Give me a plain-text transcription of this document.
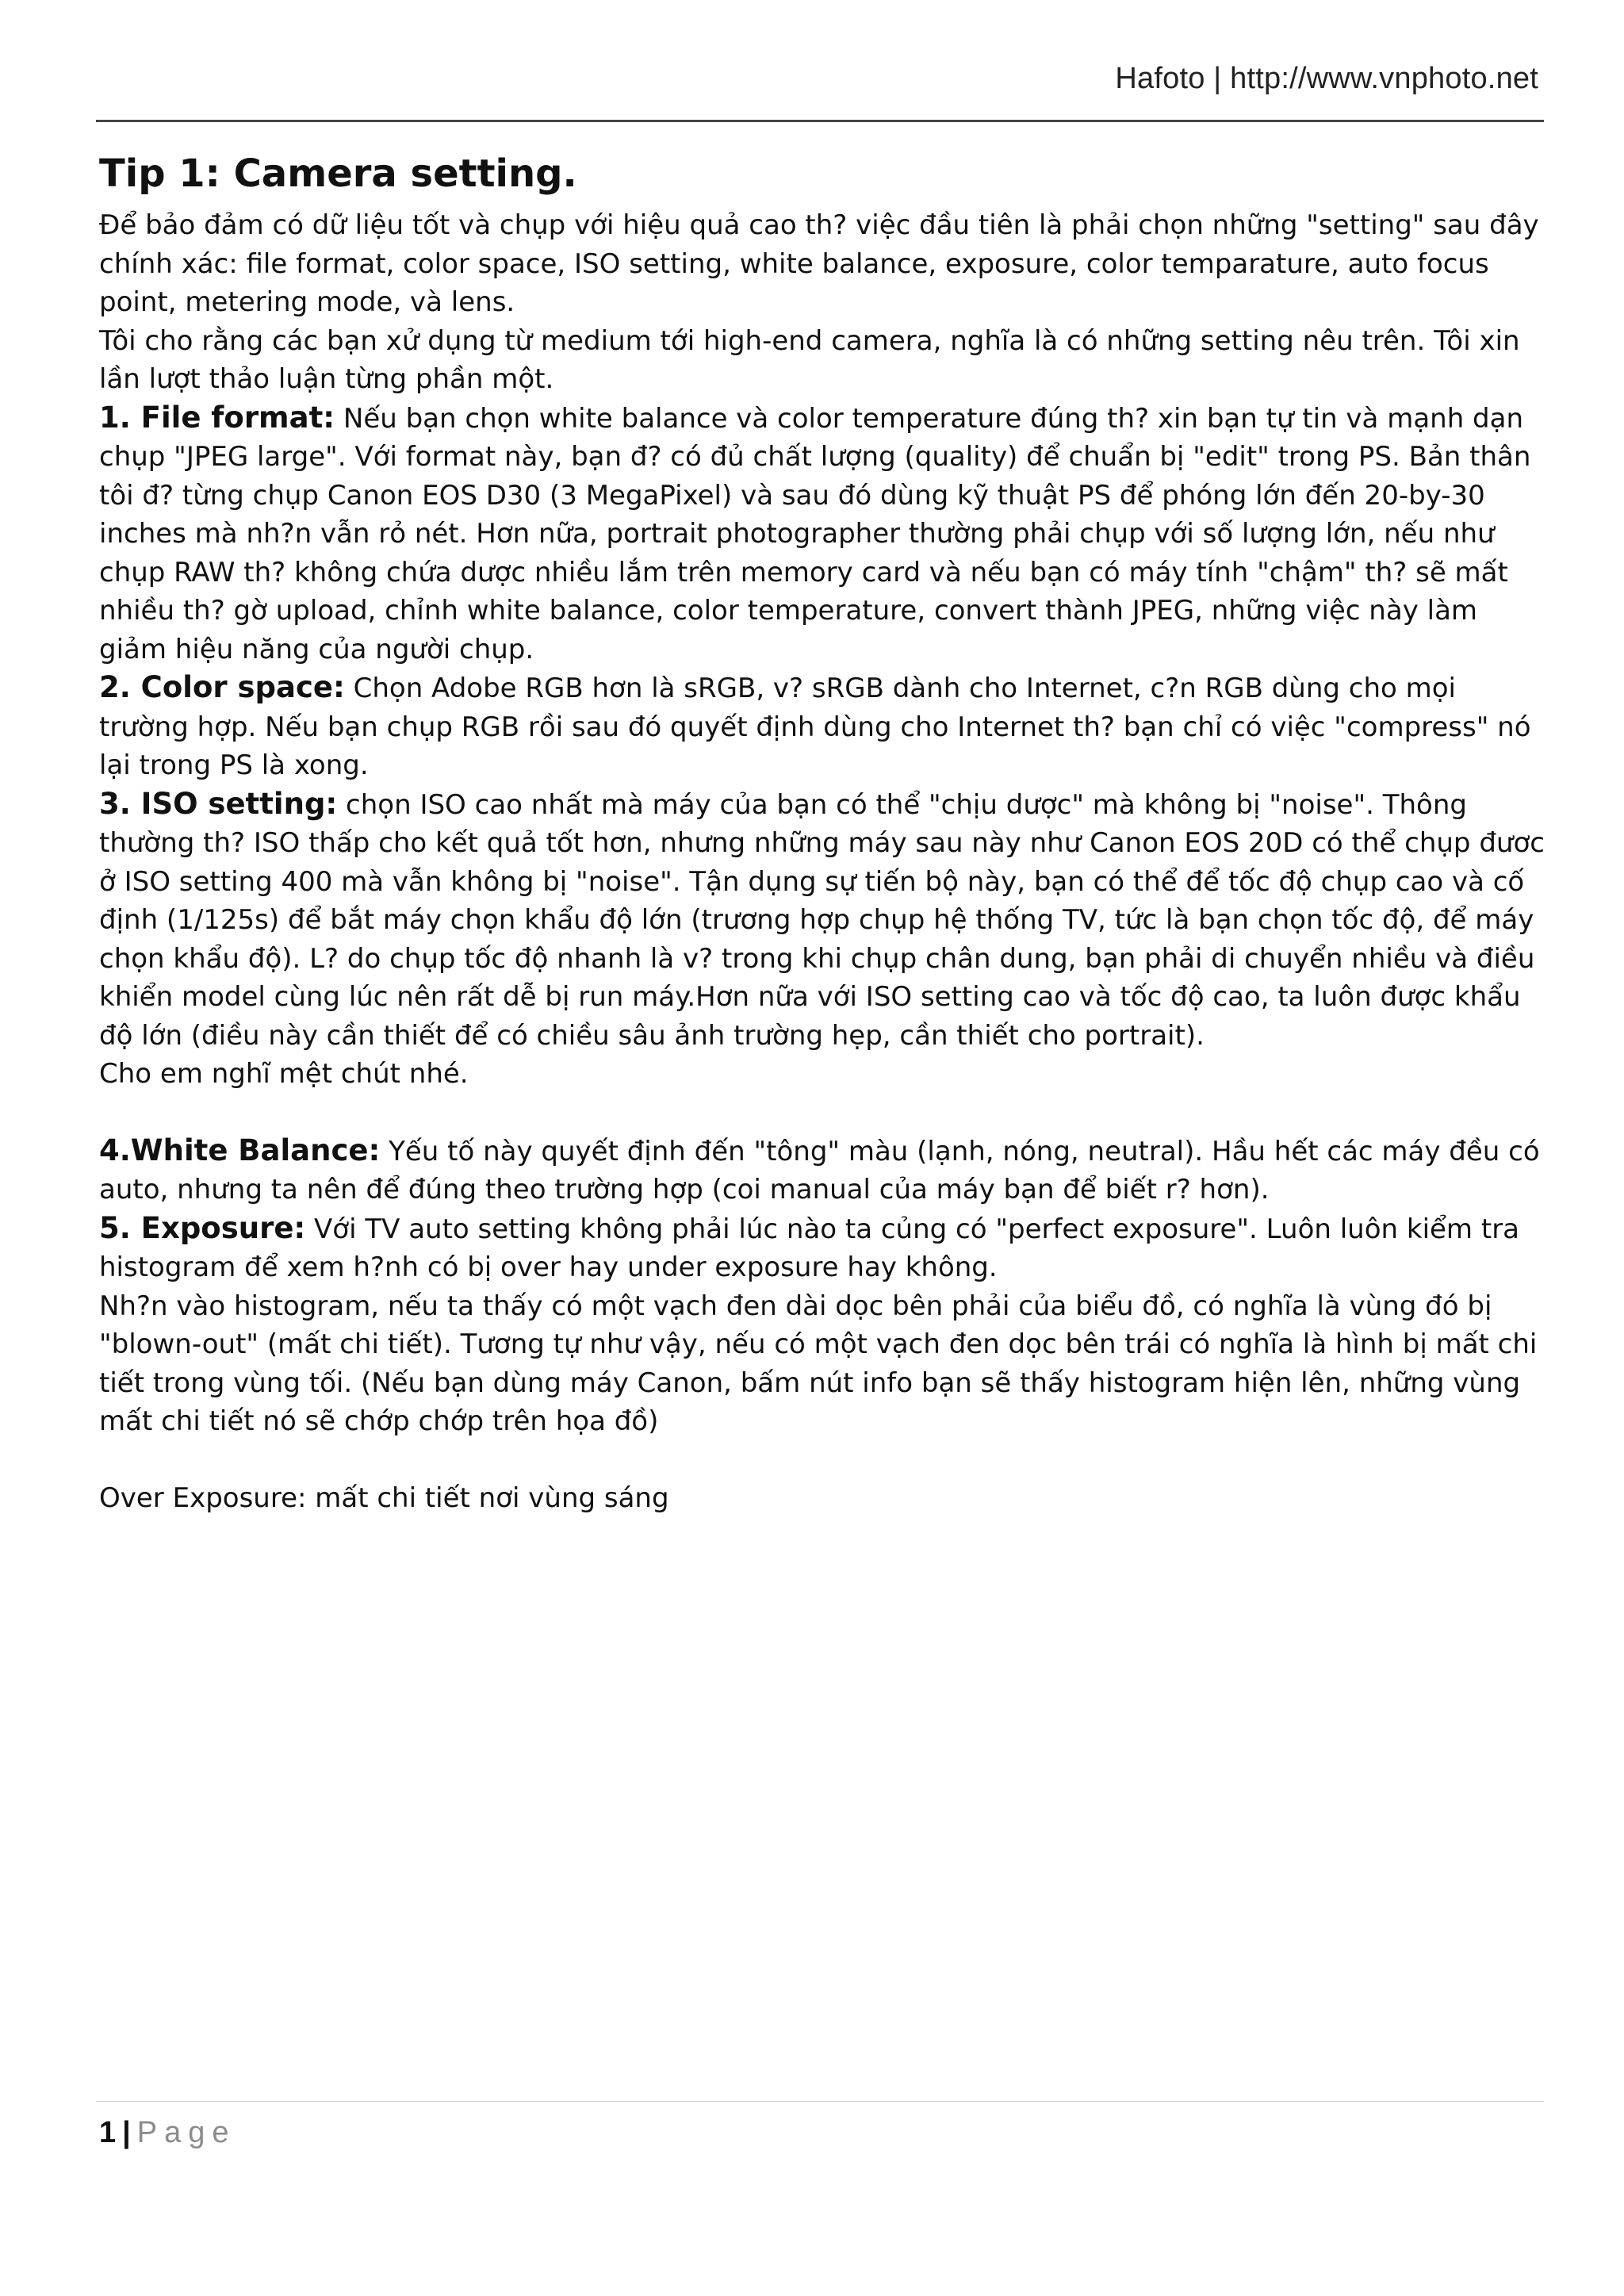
Hafoto | http://www.vnphoto.net
Tip 1: Camera setting.

Để bảo đảm có dữ liệu tốt và chụp với hiệu quả cao th? việc đầu tiên là phải chọn những "setting" sau đây chính xác: file format, color space, ISO setting, white balance, exposure, color temparature, auto focus point, metering mode, và lens.

Tôi cho rằng các bạn xử dụng từ medium tới high-end camera, nghĩa là có những setting nêu trên. Tôi xin lần lượt thảo luận từng phần một.

1. File format: Nếu bạn chọn white balance và color temperature đúng th? xin bạn tự tin và mạnh dạn chụp "JPEG large". Với format này, bạn đ? có đủ chất lượng (quality) để chuẩn bị "edit" trong PS. Bản thân tôi đ? từng chụp Canon EOS D30 (3 MegaPixel) và sau đó dùng kỹ thuật PS để phóng lớn đến 20-by-30 inches mà nh?n vẫn rỏ nét. Hơn nữa, portrait photographer thường phải chụp với số lượng lớn, nếu như chụp RAW th? không chứa dược nhiều lắm trên memory card và nếu bạn có máy tính "chậm" th? sẽ mất nhiều th? gờ upload, chỉnh white balance, color temperature, convert thành JPEG, những việc này làm giảm hiệu năng của người chụp.

2. Color space: Chọn Adobe RGB hơn là sRGB, v? sRGB dành cho Internet, c?n RGB dùng cho mọi trường hợp. Nếu bạn chụp RGB rồi sau đó quyết định dùng cho Internet th? bạn chỉ có việc "compress" nó lại trong PS là xong.

3. ISO setting: chọn ISO cao nhất mà máy của bạn có thể "chịu dược" mà không bị "noise". Thông thường th? ISO thấp cho kết quả tốt hơn, nhưng những máy sau này như Canon EOS 20D có thể chụp đươc ở ISO setting 400 mà vẫn không bị "noise". Tận dụng sự tiến bộ này, bạn có thể để tốc độ chụp cao và cố định (1/125s) để bắt máy chọn khẩu độ lớn (trương hợp chụp hệ thống TV, tức là bạn chọn tốc độ, để máy chọn khẩu độ). L? do chụp tốc độ nhanh là v? trong khi chụp chân dung, bạn phải di chuyển nhiều và điều khiển model cùng lúc nên rất dễ bị run máy.Hơn nữa với ISO setting cao và tốc độ cao, ta luôn được khẩu độ lớn (điều này cần thiết để có chiều sâu ảnh trường hẹp, cần thiết cho portrait).

Cho em nghĩ mệt chút nhé.

4.White Balance: Yếu tố này quyết định đến "tông" màu (lạnh, nóng, neutral). Hầu hết các máy đều có auto, nhưng ta nên để đúng theo trường hợp (coi manual của máy bạn để biết r? hơn).

5. Exposure: Với TV auto setting không phải lúc nào ta củng có "perfect exposure". Luôn luôn kiểm tra histogram để xem h?nh có bị over hay under exposure hay không.

Nh?n vào histogram, nếu ta thấy có một vạch đen dài dọc bên phải của biểu đồ, có nghĩa là vùng đó bị "blown-out" (mất chi tiết). Tương tự như vậy, nếu có một vạch đen dọc bên trái có nghĩa là hình bị mất chi tiết trong vùng tối. (Nếu bạn dùng máy Canon, bấm nút info bạn sẽ thấy histogram hiện lên, những vùng mất chi tiết nó sẽ chớp chớp trên họa đồ)

Over Exposure: mất chi tiết nơi vùng sáng

1 | Page
